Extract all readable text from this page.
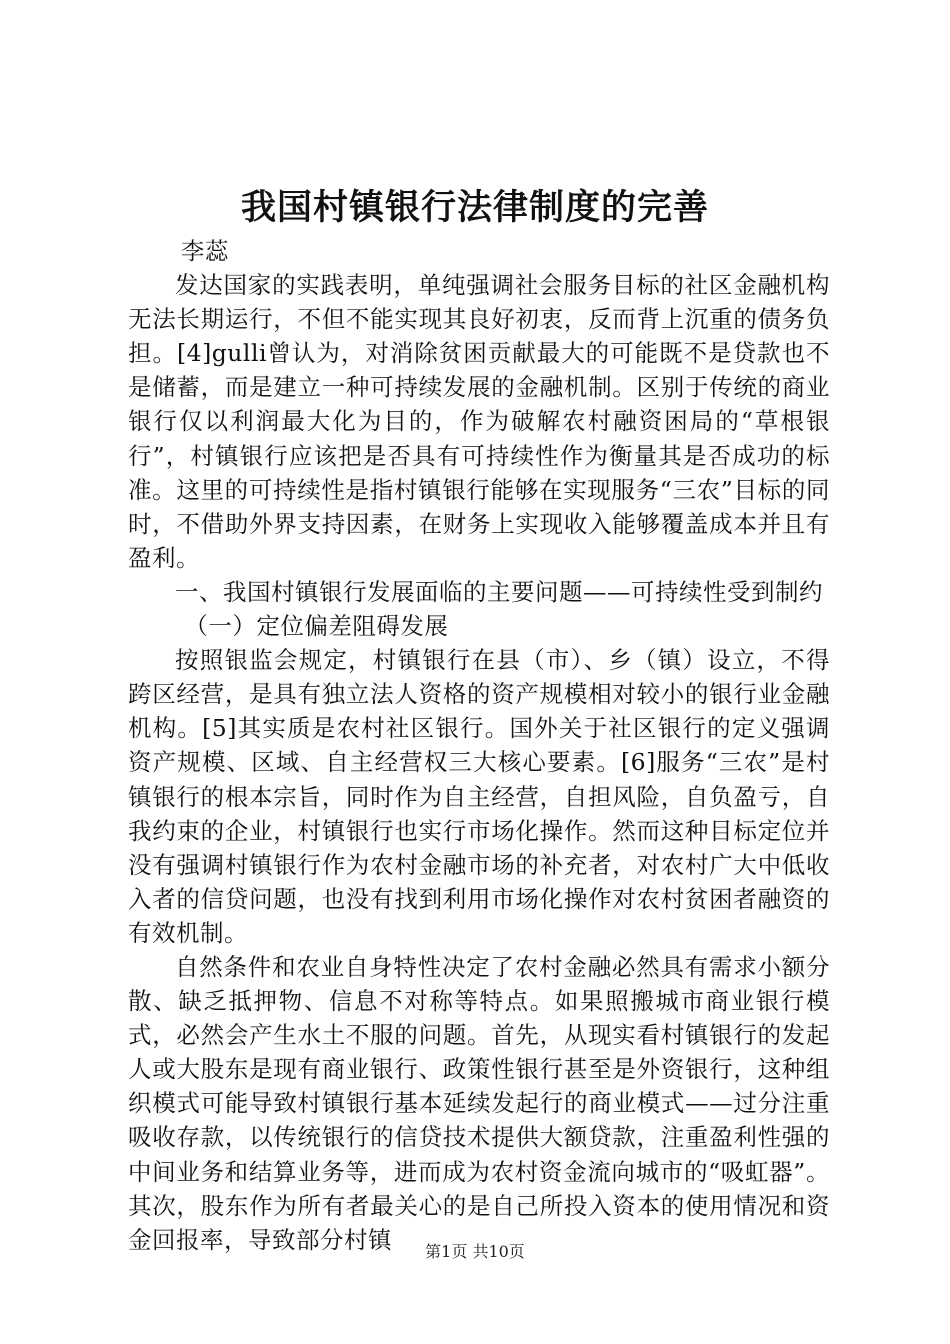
我国村镇银行法律制度的完善

李蕊

发达国家的实践表明，单纯强调社会服务目标的社区金融机构无法长期运行，不但不能实现其良好初衷，反而背上沉重的债务负担。[4]gulli曾认为，对消除贫困贡献最大的可能既不是贷款也不是储蓄，而是建立一种可持续发展的金融机制。区别于传统的商业银行仅以利润最大化为目的，作为破解农村融资困局的“草根银行”，村镇银行应该把是否具有可持续性作为衡量其是否成功的标准。这里的可持续性是指村镇银行能够在实现服务“三农”目标的同时，不借助外界支持因素，在财务上实现收入能够覆盖成本并且有盈利。

一、我国村镇银行发展面临的主要问题——可持续性受到制约

（一）定位偏差阻碍发展

按照银监会规定，村镇银行在县（市）、乡（镇）设立，不得跨区经营，是具有独立法人资格的资产规模相对较小的银行业金融机构。[5]其实质是农村社区银行。国外关于社区银行的定义强调资产规模、区域、自主经营权三大核心要素。[6]服务“三农”是村镇银行的根本宗旨，同时作为自主经营，自担风险，自负盈亏，自我约束的企业，村镇银行也实行市场化操作。然而这种目标定位并没有强调村镇银行作为农村金融市场的补充者，对农村广大中低收入者的信贷问题，也没有找到利用市场化操作对农村贫困者融资的有效机制。

自然条件和农业自身特性决定了农村金融必然具有需求小额分散、缺乏抵押物、信息不对称等特点。如果照搬城市商业银行模式，必然会产生水土不服的问题。首先，从现实看村镇银行的发起人或大股东是现有商业银行、政策性银行甚至是外资银行，这种组织模式可能导致村镇银行基本延续发起行的商业模式——过分注重吸收存款，以传统银行的信贷技术提供大额贷款，注重盈利性强的中间业务和结算业务等，进而成为农村资金流向城市的“吸虹器”。其次，股东作为所有者最关心的是自己所投入资本的使用情况和资金回报率，导致部分村镇	第1页 共10页
